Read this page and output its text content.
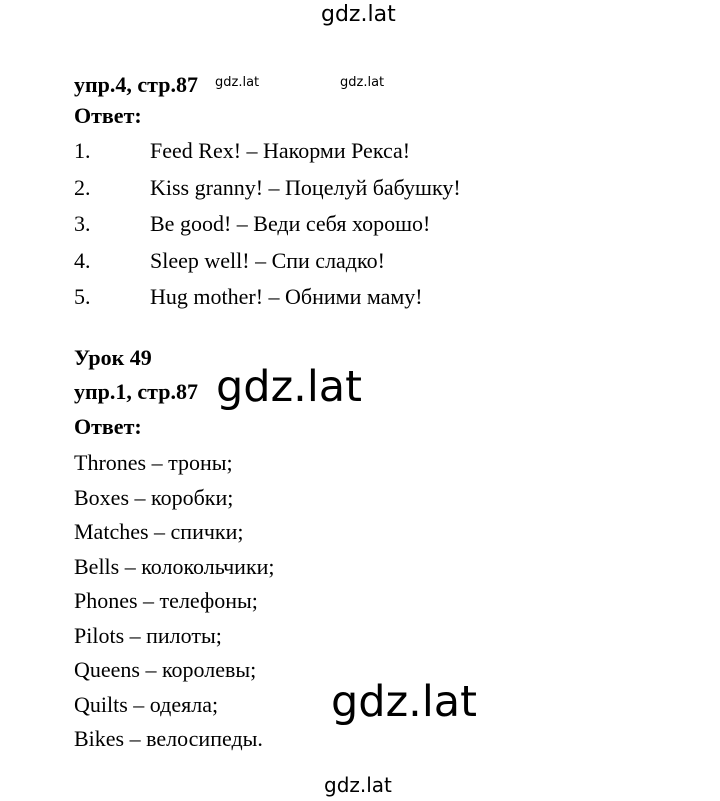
gdz.lat
упр.4, стр.87 gdz.lat	gdz.lat
Ответ:
1.	Feed Rex! – Накорми Рекса!
2.	Kiss granny! – Поцелуй бабушку!
3.	Be good! – Веди себя хорошо!
4.	Sleep well! – Спи сладко!
5.	Hug mother! – Обними маму!
Урок 49
упр.1, стр.87 gdz.lat
Ответ:
Thrones – троны;
Boxes – коробки;
Matches – спички;
Bells – колокольчики;
Phones – телефоны;
Pilots – пилоты;
Queens – королевы;
Quilts – одеяла;
Bikes – велосипеды.
gdz.lat
gdz.lat
